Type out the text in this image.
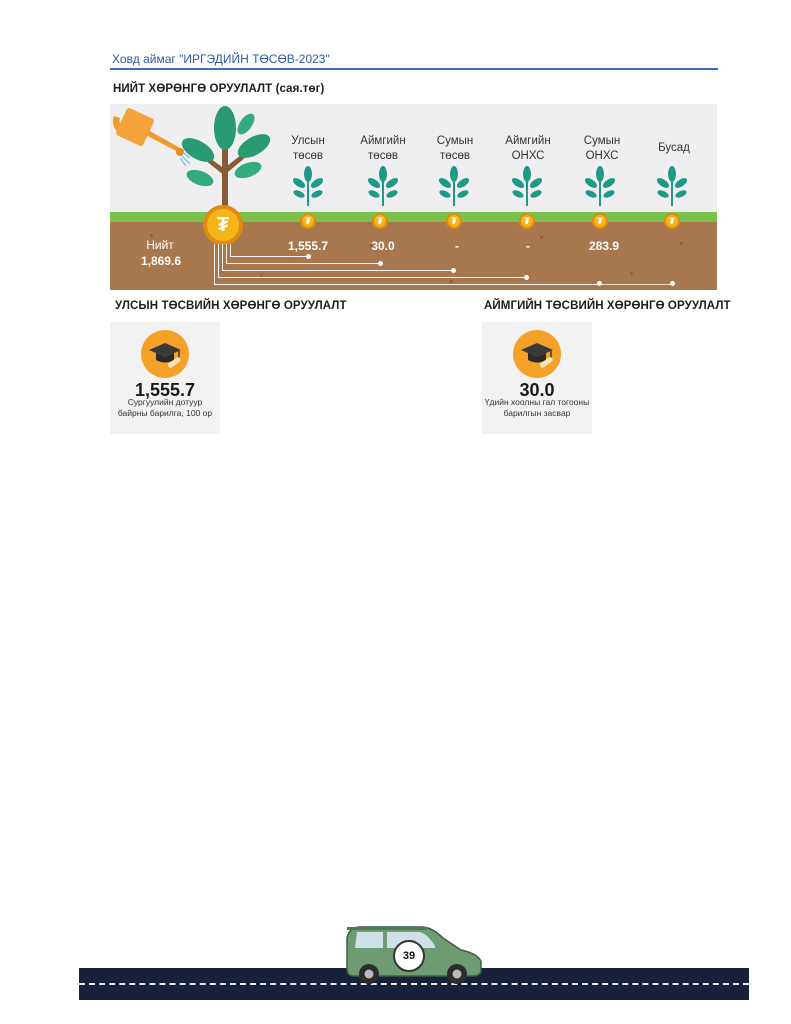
Ховд аймаг "ИРГЭДИЙН ТӨСӨВ-2023"
НИЙТ ХӨРӨНГӨ ОРУУЛАЛТ (сая.төг)
₮
Нийт
1,869.6
Улсын
төсөв
₮
1,555.7
Аймгийн
төсөв
₮
30.0
Сумын
төсөв
₮
-
Аймгийн
ОНХС
₮
-
Сумын
ОНХС
₮
283.9
Бусад
₮
УЛСЫН ТӨСВИЙН ХӨРӨНГӨ ОРУУЛАЛТ	АЙМГИЙН ТӨСВИЙН ХӨРӨНГӨ ОРУУЛАЛТ
1,555.7
Сургуулийн дотуур байрны барилга, 100 ор
30.0
Үдийн хоолны гал тогооны барилгын засвар
39
